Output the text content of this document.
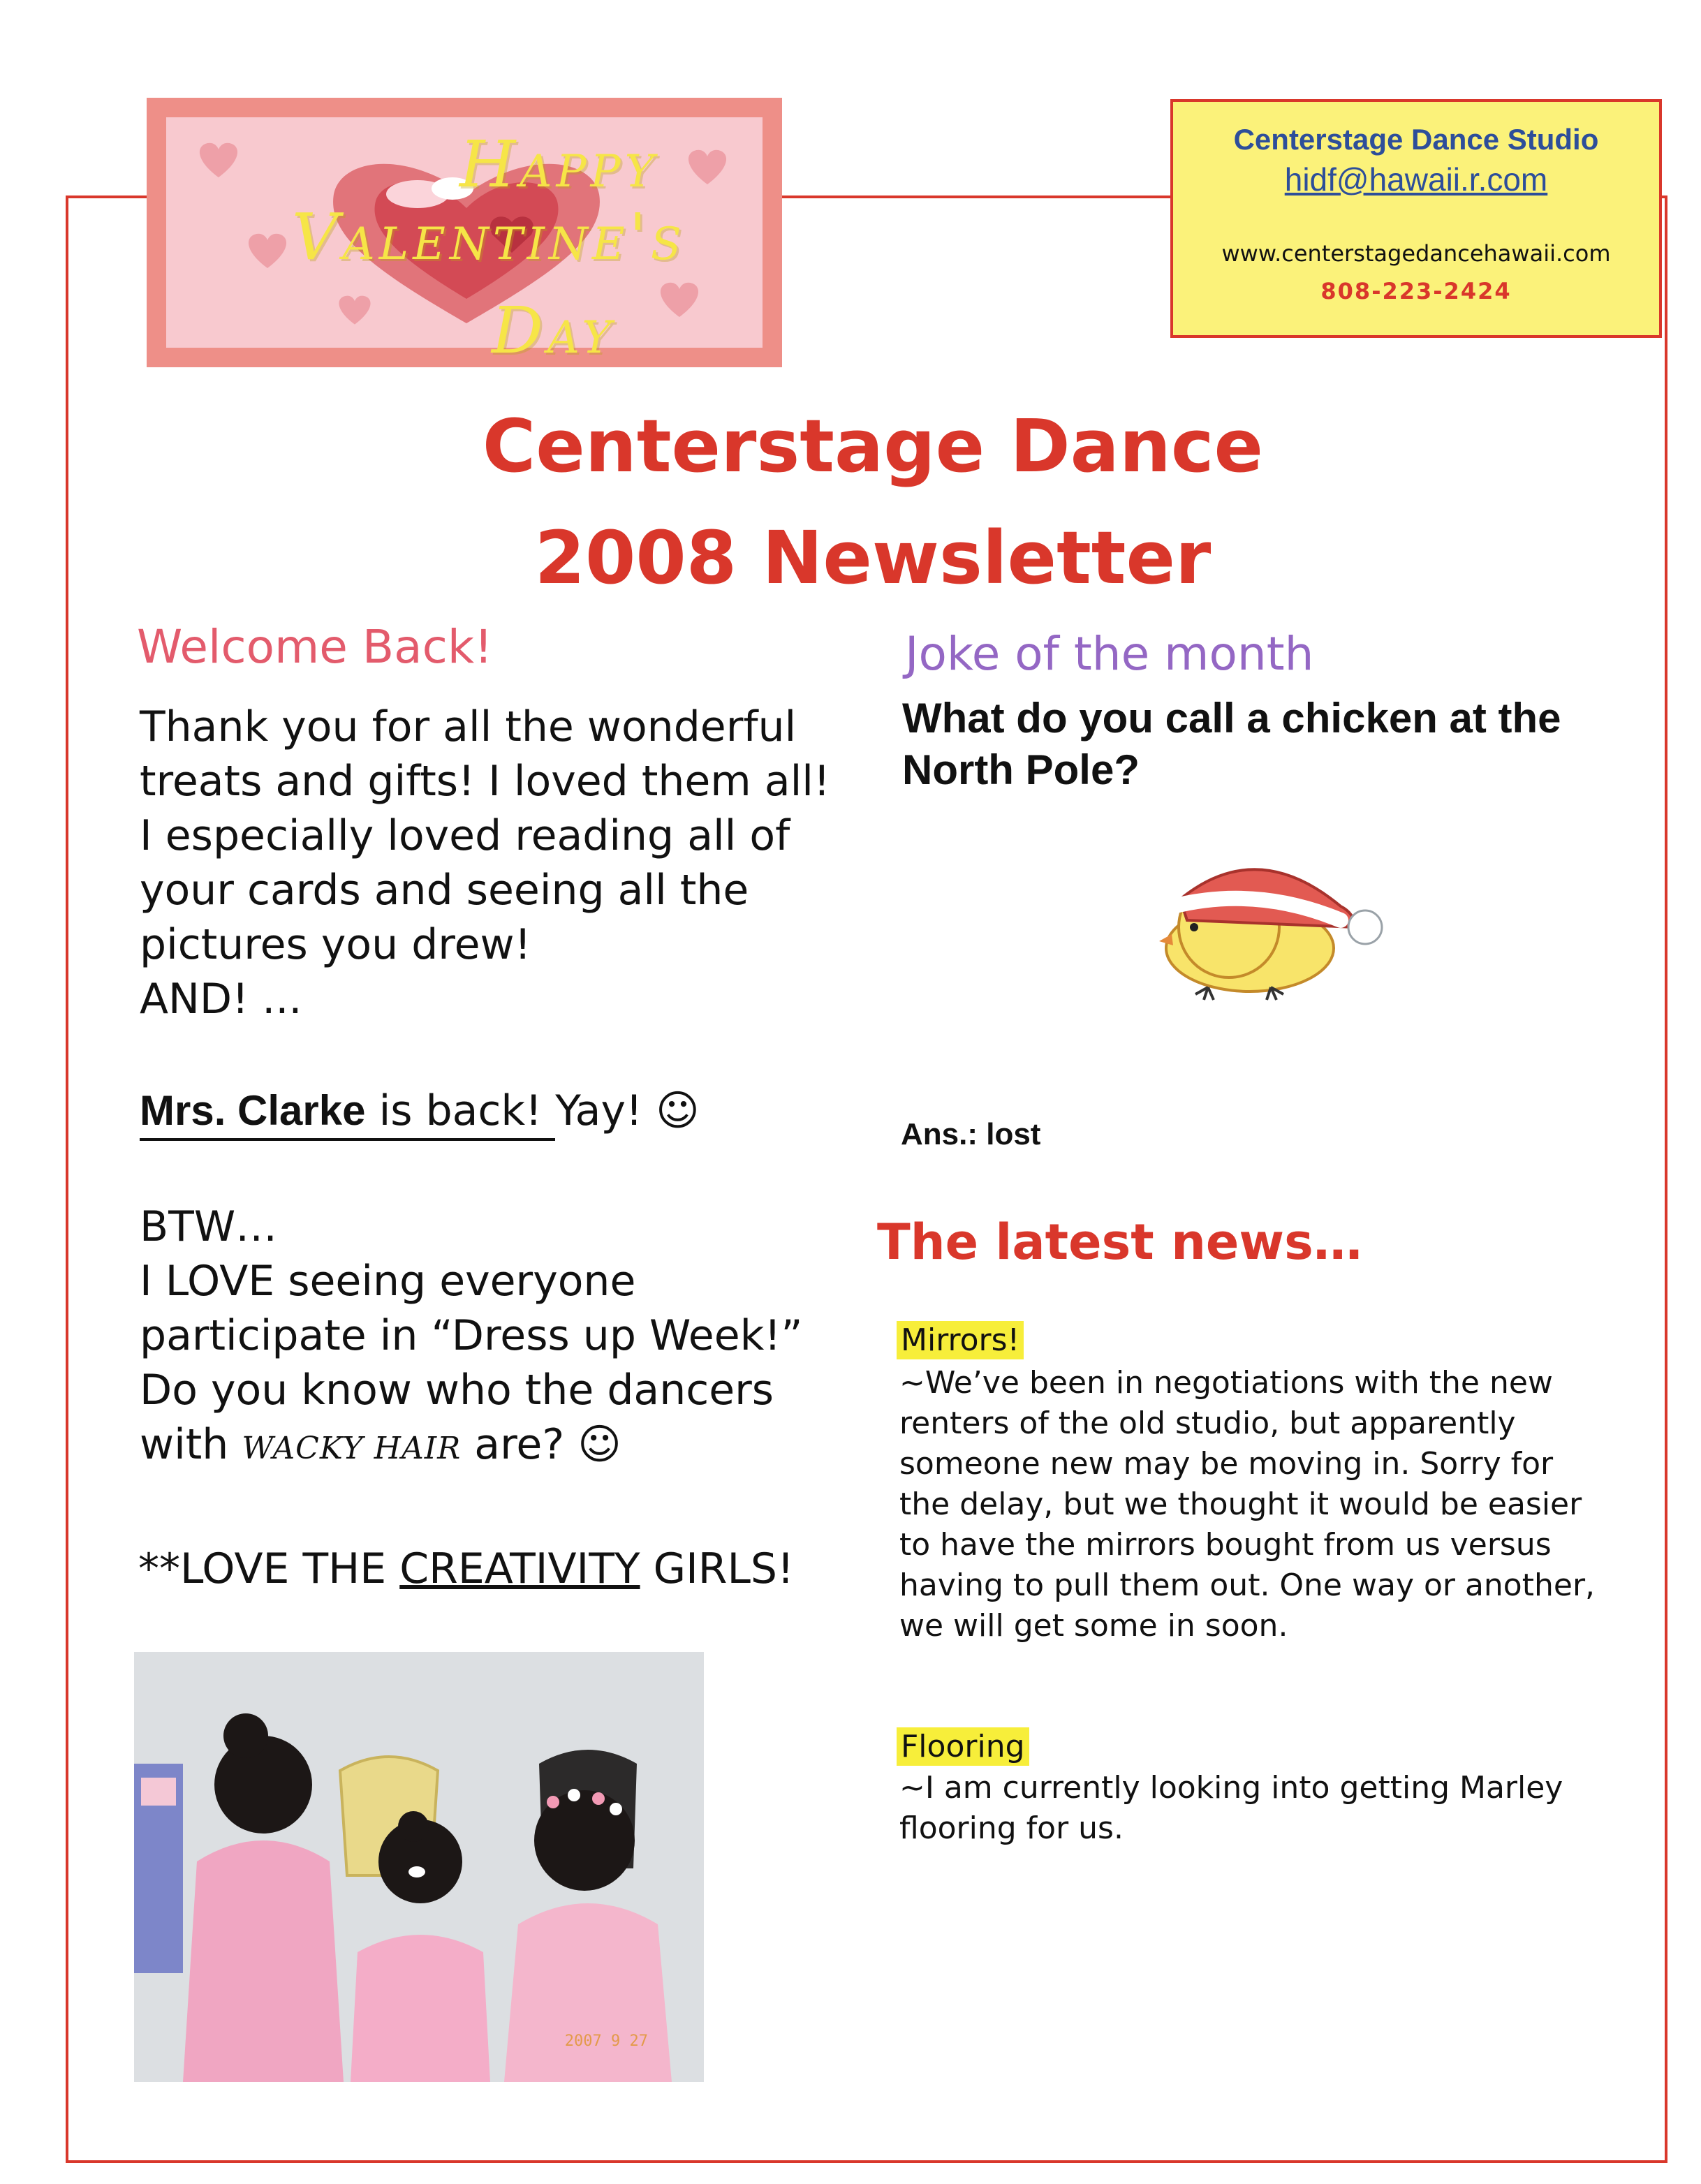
Happy
Valentine's
Day
Centerstage Dance Studio
hidf@hawaii.r.com
www.centerstagedancehawaii.com
808-223-2424
Centerstage Dance
2008 Newsletter
Welcome Back!
Thank you for all the wonderful treats and gifts! I loved them all! I especially loved reading all of your cards and seeing all the pictures you drew!
AND! ...
Mrs. Clarke is back! Yay! ☺
BTW…
I LOVE seeing everyone participate in “Dress up Week!” Do you know who the dancers with WACKY HAIR are? ☺
**LOVE THE CREATIVITY GIRLS!
2007 9 27
Joke of the month
What do you call a chicken at the North Pole?
Ans.: lost
The latest news…
Mirrors!
~We’ve been in negotiations with the new renters of the old studio, but apparently someone new may be moving in. Sorry for the delay, but we thought it would be easier to have the mirrors bought from us versus having to pull them out. One way or another, we will get some in soon.
Flooring
~I am currently looking into getting Marley flooring for us.
